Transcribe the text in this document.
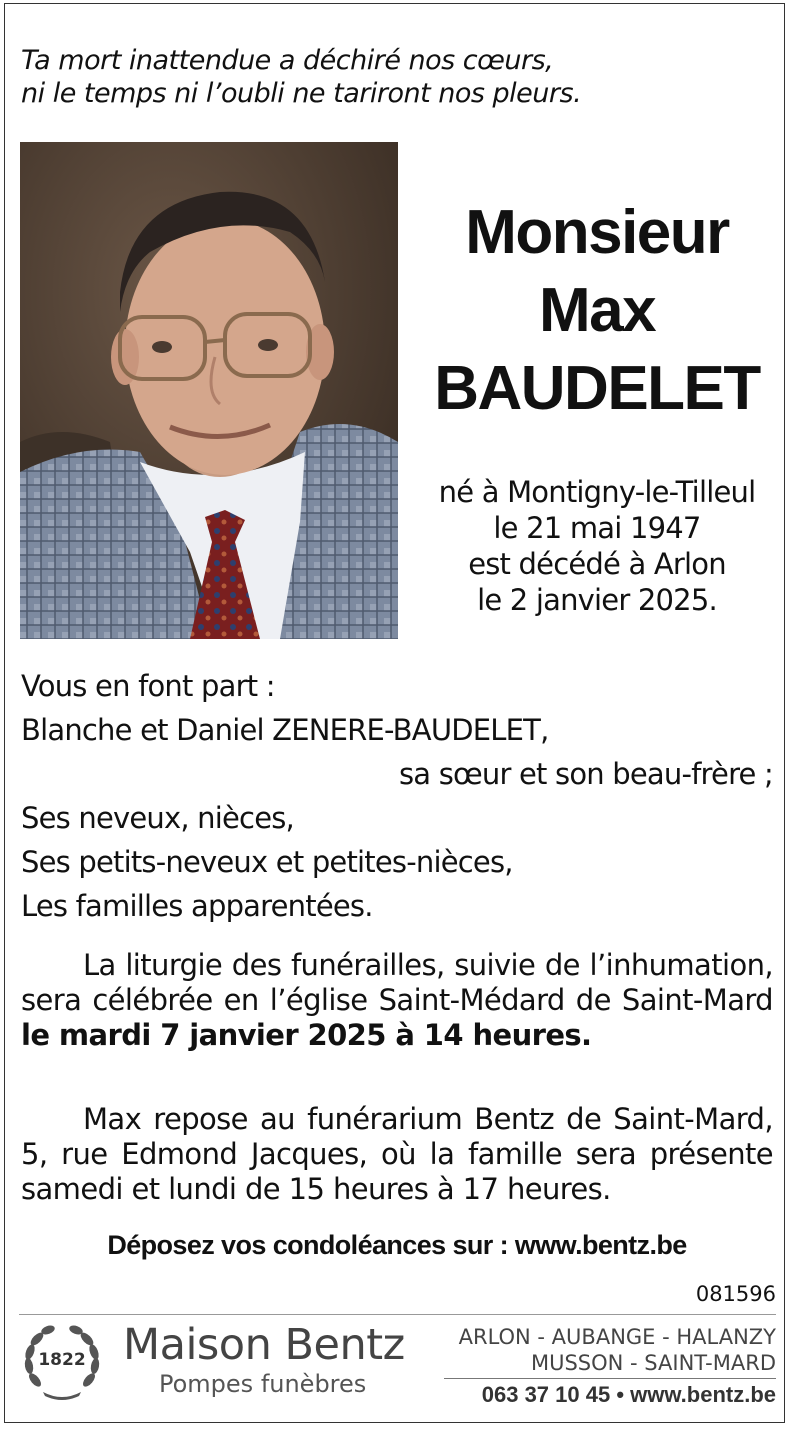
Ta mort inattendue a déchiré nos cœurs,
ni le temps ni l’oubli ne tariront nos pleurs.
Monsieur
Max
BAUDELET
né à Montigny-le-Tilleul
le 21 mai 1947
est décédé à Arlon
le 2 janvier 2025.
Vous en font part :
Blanche et Daniel ZENERE-BAUDELET,
sa sœur et son beau-frère ;
Ses neveux, nièces,
Ses petits-neveux et petites-nièces,
Les familles apparentées.
La liturgie des funérailles, suivie de l’inhumation, sera célébrée en l’église Saint-Médard de Saint-Mard le mardi 7 janvier 2025 à 14 heures.
Max repose au funérarium Bentz de Saint-Mard, 5, rue Edmond Jacques, où la famille sera présente samedi et lundi de 15 heures à 17 heures.
Déposez vos condoléances sur : www.bentz.be
081596
1822 Maison Bentz
Pompes funèbres
ARLON - AUBANGE - HALANZY
MUSSON - SAINT-MARD
063 37 10 45 • www.bentz.be
